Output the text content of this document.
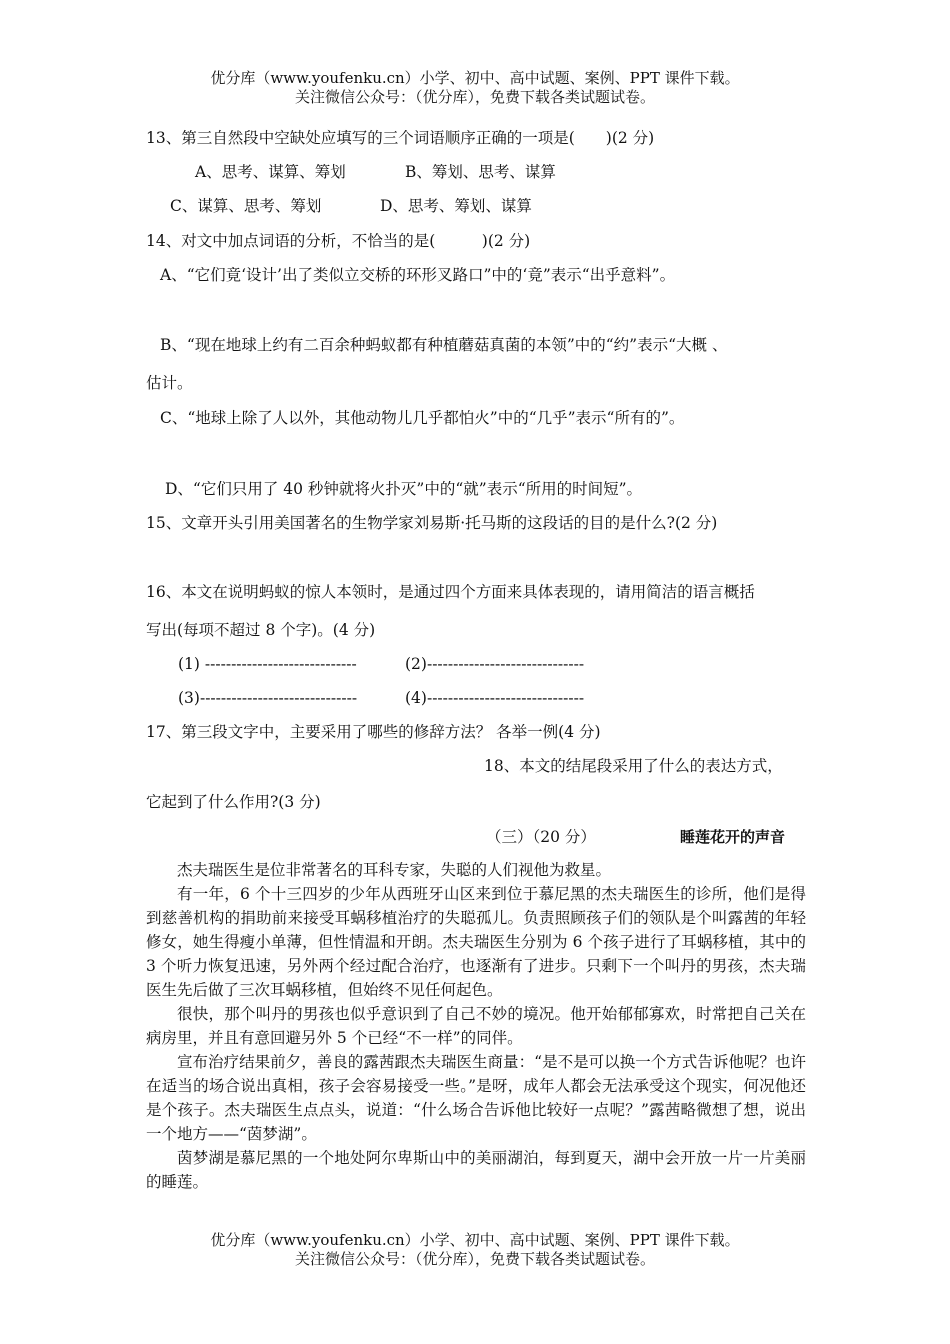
优分库（www.youfenku.cn）小学、初中、高中试题、案例、PPT 课件下载。
关注微信公众号：（优分库），免费下载各类试题试卷。
13、第三自然段中空缺处应填写的三个词语顺序正确的一项是(　　)(2 分)
A、思考、谋算、筹划	B、筹划、思考、谋算
C、谋算、思考、筹划	D、思考、筹划、谋算
14、对文中加点词语的分析，不恰当的是(　　　)(2 分)
A、“它们竟‘设计’出了类似立交桥的环形叉路口”中的‘竟”表示“出乎意料”。
B、“现在地球上约有二百余种蚂蚁都有种植蘑菇真菌的本领”中的“约”表示“大概 、
估计。
C、“地球上除了人以外，其他动物儿几乎都怕火”中的“几乎”表示“所有的”。
D、“它们只用了 40 秒钟就将火扑灭”中的“就”表示“所用的时间短”。
15、文章开头引用美国著名的生物学家刘易斯·托马斯的这段话的目的是什么?(2 分)
16、本文在说明蚂蚁的惊人本领时，是通过四个方面来具体表现的，请用简洁的语言概括
写出(每项不超过 8 个字)。(4 分)
(1) -----------------------------	(2)------------------------------
(3)------------------------------	(4)------------------------------
17、第三段文字中，主要采用了哪些的修辞方法？ 各举一例(4 分)
18、本文的结尾段采用了什么的表达方式，
它起到了什么作用?(3 分)
（三）（20 分）	睡莲花开的声音
杰夫瑞医生是位非常著名的耳科专家，失聪的人们视他为救星。
有一年，6 个十三四岁的少年从西班牙山区来到位于慕尼黑的杰夫瑞医生的诊所，他们是得到慈善机构的捐助前来接受耳蜗移植治疗的失聪孤儿。负责照顾孩子们的领队是个叫露茜的年轻修女，她生得瘦小单薄，但性情温和开朗。杰夫瑞医生分别为 6 个孩子进行了耳蜗移植，其中的 3 个听力恢复迅速，另外两个经过配合治疗，也逐渐有了进步。只剩下一个叫丹的男孩，杰夫瑞医生先后做了三次耳蜗移植，但始终不见任何起色。
很快，那个叫丹的男孩也似乎意识到了自己不妙的境况。他开始郁郁寡欢，时常把自己关在病房里，并且有意回避另外 5 个已经“不一样”的同伴。
宣布治疗结果前夕，善良的露茜跟杰夫瑞医生商量：“是不是可以换一个方式告诉他呢？也许在适当的场合说出真相，孩子会容易接受一些。”是呀，成年人都会无法承受这个现实，何况他还是个孩子。杰夫瑞医生点点头，说道：“什么场合告诉他比较好一点呢？”露茜略微想了想，说出一个地方——“茵梦湖”。
茵梦湖是慕尼黑的一个地处阿尔卑斯山中的美丽湖泊，每到夏天，湖中会开放一片一片美丽的睡莲。
优分库（www.youfenku.cn）小学、初中、高中试题、案例、PPT 课件下载。
关注微信公众号：（优分库），免费下载各类试题试卷。
